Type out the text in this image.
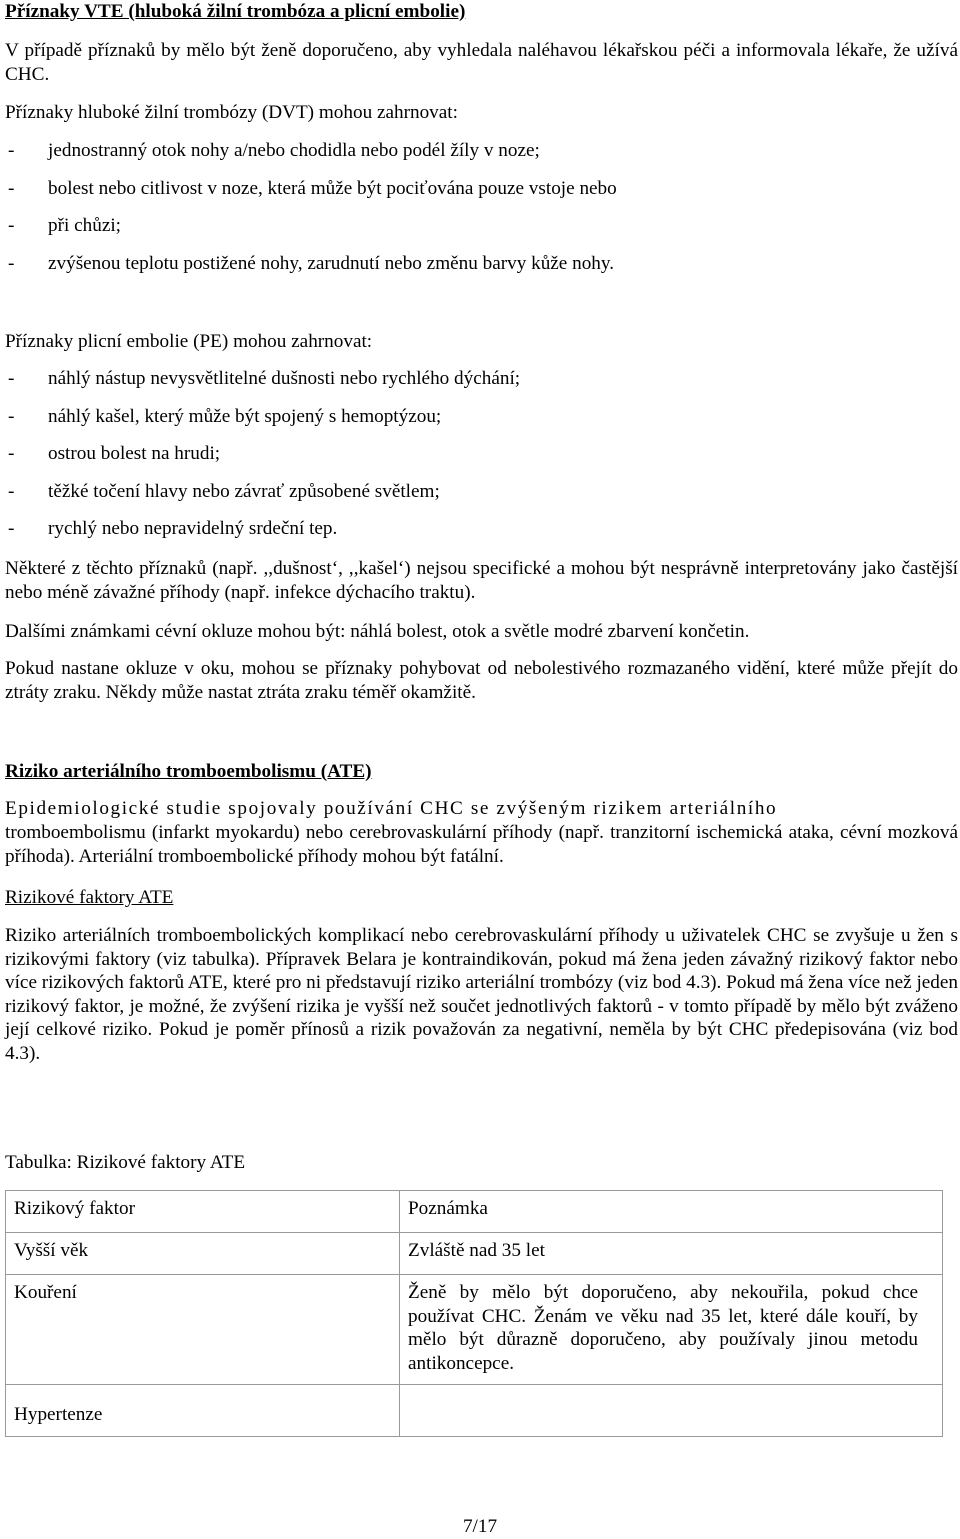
Příznaky VTE (hluboká žilní trombóza a plicní embolie)

V případě příznaků by mělo být ženě doporučeno, aby vyhledala naléhavou lékařskou péči a informovala lékaře, že užívá CHC.

Příznaky hluboké žilní trombózy (DVT) mohou zahrnovat:

- jednostranný otok nohy a/nebo chodidla nebo podél žíly v noze;
- bolest nebo citlivost v noze, která může být pociťována pouze vstoje nebo
- při chůzi;
- zvýšenou teplotu postižené nohy, zarudnutí nebo změnu barvy kůže nohy.

Příznaky plicní embolie (PE) mohou zahrnovat:

- náhlý nástup nevysvětlitelné dušnosti nebo rychlého dýchání;
- náhlý kašel, který může být spojený s hemoptýzou;
- ostrou bolest na hrudi;
- těžké točení hlavy nebo závrať způsobené světlem;
- rychlý nebo nepravidelný srdeční tep.

Některé z těchto příznaků (např. ,,dušnost‘, ,,kašel‘) nejsou specifické a mohou být nesprávně interpretovány jako častější nebo méně závažné příhody (např. infekce dýchacího traktu).

Dalšími známkami cévní okluze mohou být: náhlá bolest, otok a světle modré zbarvení končetin.

Pokud nastane okluze v oku, mohou se příznaky pohybovat od nebolestivého rozmazaného vidění, které může přejít do ztráty zraku. Někdy může nastat ztráta zraku téměř okamžitě.

Riziko arteriálního tromboembolismu (ATE)

Epidemiologické studie spojovaly používání CHC se zvýšeným rizikem arteriálního

tromboembolismu (infarkt myokardu) nebo cerebrovaskulární příhody (např. tranzitorní ischemická ataka, cévní mozková příhoda). Arteriální tromboembolické příhody mohou být fatální.

Rizikové faktory ATE

Riziko arteriálních tromboembolických komplikací nebo cerebrovaskulární příhody u uživatelek CHC se zvyšuje u žen s rizikovými faktory (viz tabulka). Přípravek Belara je kontraindikován, pokud má žena jeden závažný rizikový faktor nebo více rizikových faktorů ATE, které pro ni představují riziko arteriální trombózy (viz bod 4.3). Pokud má žena více než jeden rizikový faktor, je možné, že zvýšení rizika je vyšší než součet jednotlivých faktorů - v tomto případě by mělo být zváženo její celkové riziko. Pokud je poměr přínosů a rizik považován za negativní, neměla by být CHC předepisována (viz bod 4.3).

Tabulka: Rizikové faktory ATE

Rizikový faktor	Poznámka
Vyšší věk	Zvláště nad 35 let
Kouření	Ženě by mělo být doporučeno, aby nekouřila, pokud chce používat CHC. Ženám ve věku nad 35 let, které dále kouří, by mělo být důrazně doporučeno, aby používaly jinou metodu antikoncepce.
Hypertenze	
7/17
